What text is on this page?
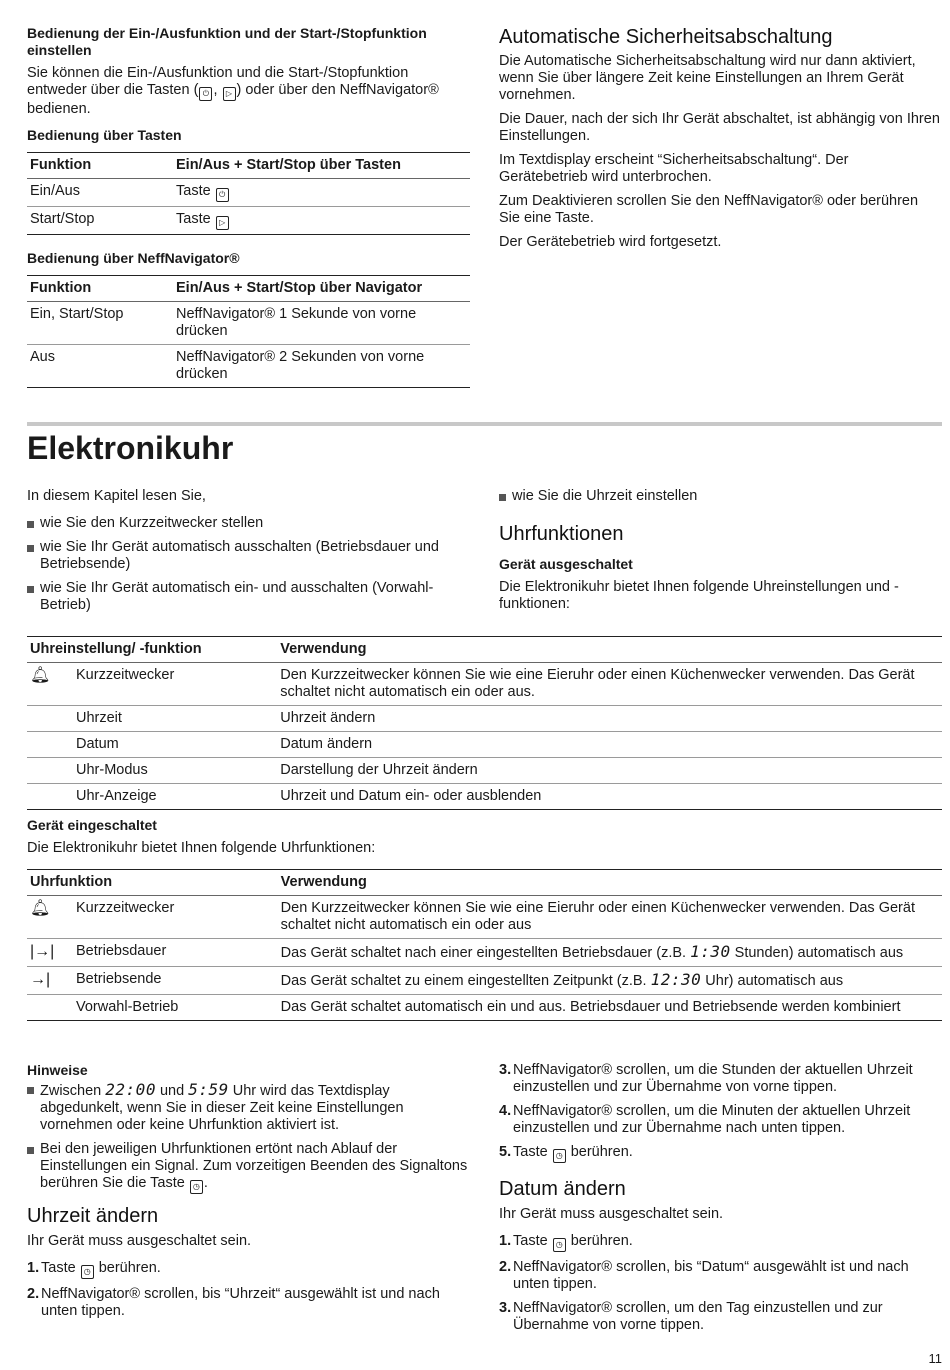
Bedienung der Ein-/Ausfunktion und der Start-/Stopfunktion einstellen

Sie können die Ein-/Ausfunktion und die Start-/Stopfunktion entweder über die Tasten ( ⏻ , ▷ ) oder über den NeffNavigator® bedienen.

Bedienung über Tasten

Funktion	Ein/Aus + Start/Stop über Tasten
Ein/Aus	Taste ⏻
Start/Stop	Taste ▷

Bedienung über NeffNavigator®

Funktion	Ein/Aus + Start/Stop über Navigator
Ein, Start/Stop	NeffNavigator® 1 Sekunde von vorne drücken
Aus	NeffNavigator® 2 Sekunden von vorne drücken

Automatische Sicherheitsabschaltung

Die Automatische Sicherheitsabschaltung wird nur dann aktiviert, wenn Sie über längere Zeit keine Einstellungen an Ihrem Gerät vornehmen.

Die Dauer, nach der sich Ihr Gerät abschaltet, ist abhängig von Ihren Einstellungen.

Im Textdisplay erscheint “Sicherheitsabschaltung“. Der Gerätebetrieb wird unterbrochen.

Zum Deaktivieren scrollen Sie den NeffNavigator® oder berühren Sie eine Taste.

Der Gerätebetrieb wird fortgesetzt.

Elektronikuhr

In diesem Kapitel lesen Sie,

wie Sie den Kurzzeitwecker stellen
wie Sie Ihr Gerät automatisch ausschalten (Betriebsdauer und Betriebsende)
wie Sie Ihr Gerät automatisch ein- und ausschalten (Vorwahl-Betrieb)
wie Sie die Uhrzeit einstellen

Uhrfunktionen

Gerät ausgeschaltet

Die Elektronikuhr bietet Ihnen folgende Uhreinstellungen und -funktionen:

Uhreinstellung/ -funktion		Verwendung
🔔︎	Kurzzeitwecker	Den Kurzzeitwecker können Sie wie eine Eieruhr oder einen Küchenwecker verwenden. Das Gerät schaltet nicht automatisch ein oder aus.
	Uhrzeit	Uhrzeit ändern
	Datum	Datum ändern
	Uhr-Modus	Darstellung der Uhrzeit ändern
	Uhr-Anzeige	Uhrzeit und Datum ein- oder ausblenden

Gerät eingeschaltet

Die Elektronikuhr bietet Ihnen folgende Uhrfunktionen:

Uhrfunktion		Verwendung
🔔︎	Kurzzeitwecker	Den Kurzzeitwecker können Sie wie eine Eieruhr oder einen Küchenwecker verwenden. Das Gerät schaltet nicht automatisch ein oder aus
|→|	Betriebsdauer	Das Gerät schaltet nach einer eingestellten Betriebsdauer (z.B. 1:30 Stunden) automatisch aus
→|	Betriebsende	Das Gerät schaltet zu einem eingestellten Zeitpunkt (z.B. 12:30 Uhr) automatisch aus
	Vorwahl-Betrieb	Das Gerät schaltet automatisch ein und aus. Betriebsdauer und Betriebsende werden kombiniert

Hinweise

Zwischen 22:00 und 5:59 Uhr wird das Textdisplay abgedunkelt, wenn Sie in dieser Zeit keine Einstellungen vornehmen oder keine Uhrfunktion aktiviert ist.
Bei den jeweiligen Uhrfunktionen ertönt nach Ablauf der Einstellungen ein Signal. Zum vorzeitigen Beenden des Signaltons berühren Sie die Taste ◷ .

Uhrzeit ändern

Ihr Gerät muss ausgeschaltet sein.

1. Taste ◷ berühren.
2. NeffNavigator® scrollen, bis “Uhrzeit“ ausgewählt ist und nach unten tippen.
3. NeffNavigator® scrollen, um die Stunden der aktuellen Uhrzeit einzustellen und zur Übernahme von vorne tippen.
4. NeffNavigator® scrollen, um die Minuten der aktuellen Uhrzeit einzustellen und zur Übernahme nach unten tippen.
5. Taste ◷ berühren.

Datum ändern

Ihr Gerät muss ausgeschaltet sein.

1. Taste ◷ berühren.
2. NeffNavigator® scrollen, bis “Datum“ ausgewählt ist und nach unten tippen.
3. NeffNavigator® scrollen, um den Tag einzustellen und zur Übernahme von vorne tippen.
11
